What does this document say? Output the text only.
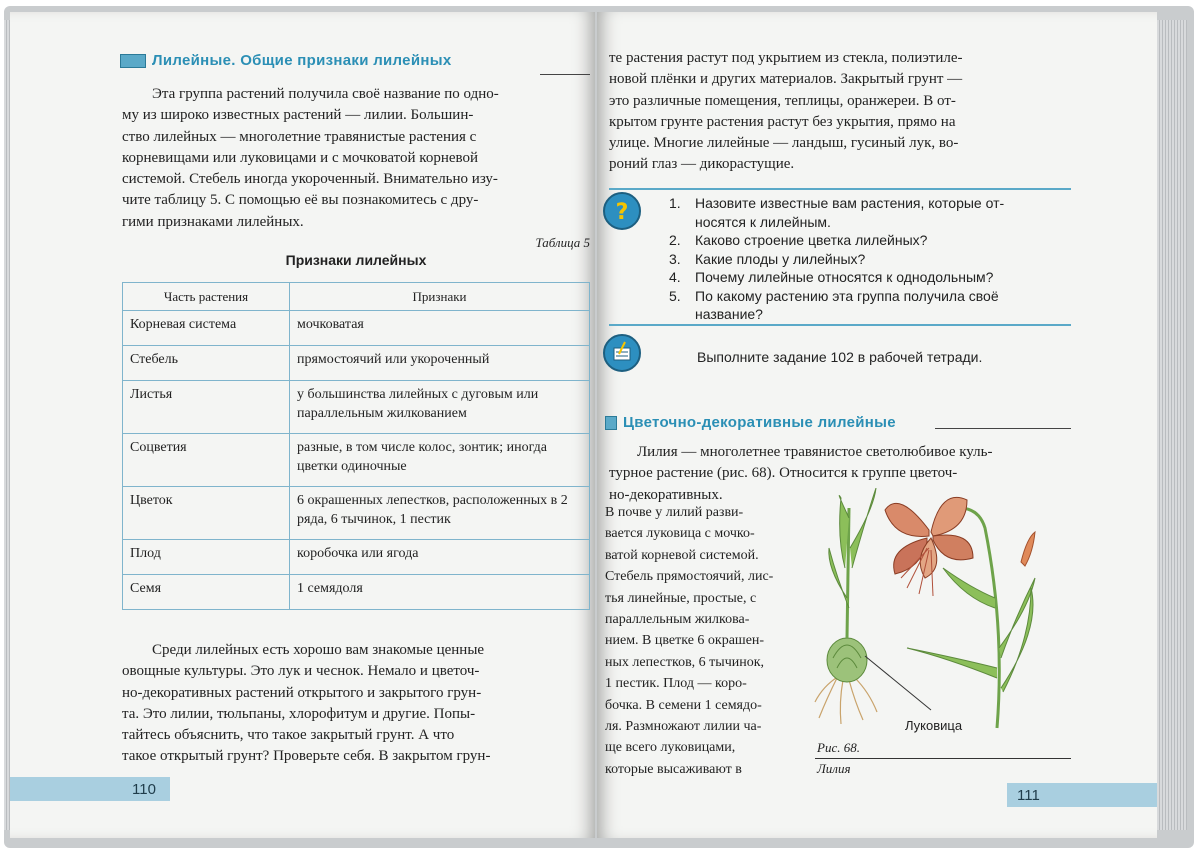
Лилейные. Общие признаки лилейных
Эта группа растений получила своё название по одно-
му из широко известных растений — лилии. Большин-
ство лилейных — многолетние травянистые растения с
корневищами или луковицами и с мочковатой корневой
системой. Стебель иногда укороченный. Внимательно изу-
чите таблицу 5. С помощью её вы познакомитесь с дру-
гими признаками лилейных.
Таблица 5
Признаки лилейных
Часть растения	Признаки
Корневая система	мочковатая
Стебель	прямостоячий или укороченный
Листья	у большинства лилейных с дуговым или параллельным жилкованием
Соцветия	разные, в том числе колос, зонтик; иногда цветки одиночные
Цветок	6 окрашенных лепестков, расположенных в 2 ряда, 6 тычинок, 1 пестик
Плод	коробочка или ягода
Семя	1 семядоля
Среди лилейных есть хорошо вам знакомые ценные
овощные культуры. Это лук и чеснок. Немало и цветоч-
но-декоративных растений открытого и закрытого грун-
та. Это лилии, тюльпаны, хлорофитум и другие. Попы-
тайтесь объяснить, что такое закрытый грунт. А что
такое открытый грунт? Проверьте себя. В закрытом грун-
110
те растения растут под укрытием из стекла, полиэтиле-
новой плёнки и других материалов. Закрытый грунт —
это различные помещения, теплицы, оранжереи. В от-
крытом грунте растения растут без укрытия, прямо на
улице. Многие лилейные — ландыш, гусиный лук, во-
роний глаз — дикорастущие.
?	1. Назовите известные вам растения, которые от-
носятся к лилейным.
2. Каково строение цветка лилейных?
3. Какие плоды у лилейных?
4. Почему лилейные относятся к однодольным?
5. По какому растению эта группа получила своё
название?
Выполните задание 102 в рабочей тетради.
Цветочно-декоративные лилейные
Лилия — многолетнее травянистое светолюбивое куль-
турное растение (рис. 68). Относится к группе цветоч-
но-декоративных.
В почве у лилий разви-
вается луковица с мочко-
ватой корневой системой.
Стебель прямостоячий, лис-
тья линейные, простые, с
параллельным жилкова-
нием. В цветке 6 окрашен-
ных лепестков, 6 тычинок,
1 пестик. Плод — коро-
бочка. В семени 1 семядо-
ля. Размножают лилии ча-
ще всего луковицами,
которые высаживают в
Луковица
Рис. 68.
Лилия
111
